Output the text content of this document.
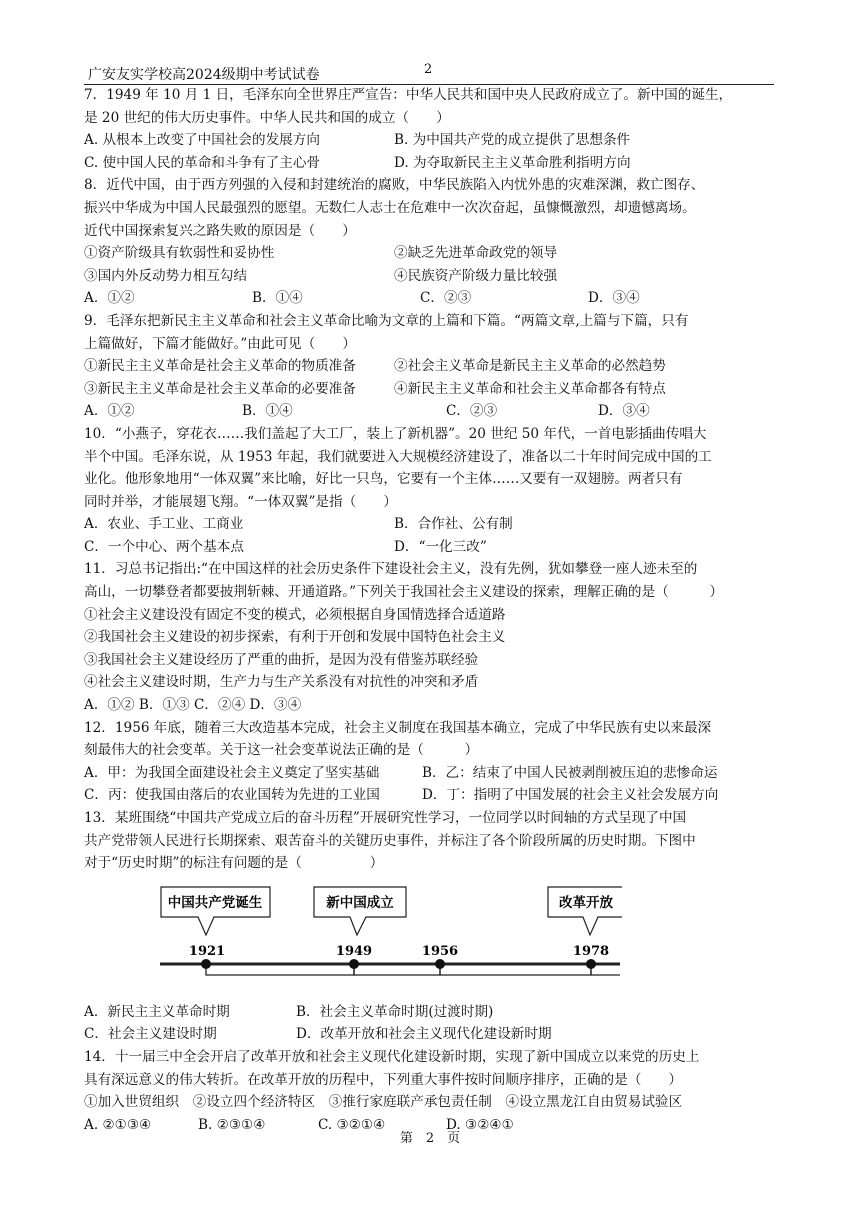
广安友实学校高2024级期中考试试卷	2
7．1949 年 10 月 1 日，毛泽东向全世界庄严宣告：中华人民共和国中央人民政府成立了。新中国的诞生，
是 20 世纪的伟大历史事件。中华人民共和国的成立（　　）
A. 从根本上改变了中国社会的发展方向	B. 为中国共产党的成立提供了思想条件
C. 使中国人民的革命和斗争有了主心骨	D. 为夺取新民主主义革命胜利指明方向
8．近代中国，由于西方列强的入侵和封建统治的腐败，中华民族陷入内忧外患的灾难深渊，救亡图存、
振兴中华成为中国人民最强烈的愿望。无数仁人志士在危难中一次次奋起，虽慷慨激烈，却遗憾离场。
近代中国探索复兴之路失败的原因是（　　）
①资产阶级具有软弱性和妥协性	②缺乏先进革命政党的领导
③国内外反动势力相互勾结	④民族资产阶级力量比较强
A．①②	B．①④	C．②③	D．③④
9．毛泽东把新民主主义革命和社会主义革命比喻为文章的上篇和下篇。“两篇文章,上篇与下篇，只有
上篇做好，下篇才能做好。”由此可见（　　）
①新民主主义革命是社会主义革命的物质准备	②社会主义革命是新民主主义革命的必然趋势
③新民主主义革命是社会主义革命的必要准备	④新民主主义革命和社会主义革命都各有特点
A．①②	B．①④	C．②③	D．③④
10．“小燕子，穿花衣……我们盖起了大工厂，装上了新机器”。20 世纪 50 年代，一首电影插曲传唱大
半个中国。毛泽东说，从 1953 年起，我们就要进入大规模经济建设了，准备以二十年时间完成中国的工
业化。他形象地用“一体双翼”来比喻，好比一只鸟，它要有一个主体……又要有一双翅膀。两者只有
同时并举，才能展翅飞翔。“一体双翼”是指（　　）
A．农业、手工业、工商业	B．合作社、公有制
C．一个中心、两个基本点	D．“一化三改”
11．习总书记指出:“在中国这样的社会历史条件下建设社会主义，没有先例，犹如攀登一座人迹未至的
高山，一切攀登者都要披荆斩棘、开通道路。”下列关于我国社会主义建设的探索，理解正确的是（　　　）
①社会主义建设没有固定不变的模式，必须根据自身国情选择合适道路
②我国社会主义建设的初步探索，有利于开创和发展中国特色社会主义
③我国社会主义建设经历了严重的曲折，是因为没有借鉴苏联经验
④社会主义建设时期，生产力与生产关系没有对抗性的冲突和矛盾
A．①② B．①③ C．②④ D．③④
12．1956 年底，随着三大改造基本完成，社会主义制度在我国基本确立，完成了中华民族有史以来最深
刻最伟大的社会变革。关于这一社会变革说法正确的是（　　　）
A．甲：为我国全面建设社会主义奠定了坚实基础	B．乙：结束了中国人民被剥削被压迫的悲惨命运
C．丙：使我国由落后的农业国转为先进的工业国	D．丁：指明了中国发展的社会主义社会发展方向
13．某班围绕“中国共产党成立后的奋斗历程”开展研究性学习，一位同学以时间轴的方式呈现了中国
共产党带领人民进行长期探索、艰苦奋斗的关键历史事件，并标注了各个阶段所属的历史时期。下图中
对于“历史时期”的标注有问题的是（　　　　　）
中国共产党诞生	新中国成立	改革开放
1921	1949	1956	1978
A．新民主主义革命时期	B．社会主义革命时期(过渡时期)
C．社会主义建设时期	D．改革开放和社会主义现代化建设新时期
14．十一届三中全会开启了改革开放和社会主义现代化建设新时期，实现了新中国成立以来党的历史上
具有深远意义的伟大转折。在改革开放的历程中，下列重大事件按时间顺序排序，正确的是（　　）
①加入世贸组织　②设立四个经济特区　③推行家庭联产承包责任制　④设立黑龙江自由贸易试验区
A. ②①③④	B. ②③①④	C. ③②①④	D. ③②④①
第　2　页
